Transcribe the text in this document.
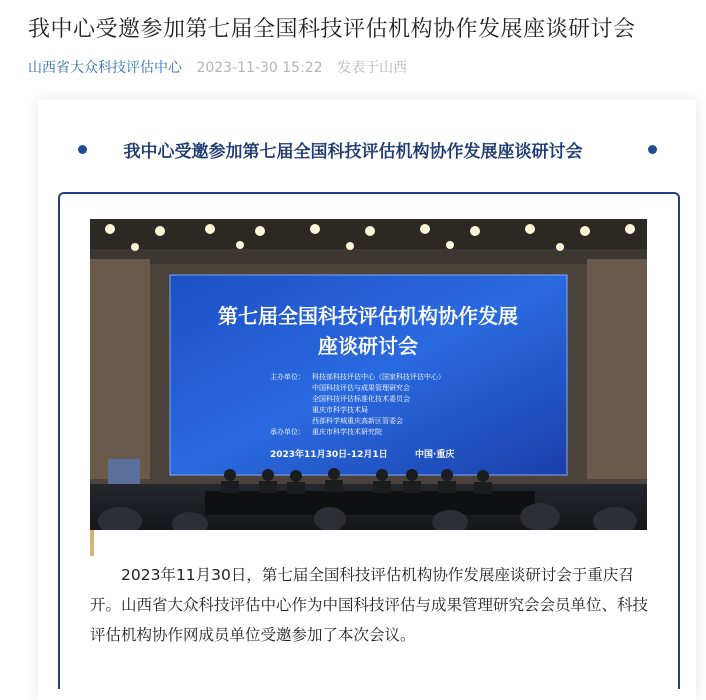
我中心受邀参加第七届全国科技评估机构协作发展座谈研讨会
山西省大众科技评估中心 2023-11-30 15:22 发表于山西
我中心受邀参加第七届全国科技评估机构协作发展座谈研讨会
第七届全国科技评估机构协作发展
座谈研讨会
主办单位： 科技部科技评估中心（国家科技评估中心）
中国科技评估与成果管理研究会
全国科技评估标准化技术委员会
重庆市科学技术局
西部科学城重庆高新区管委会
承办单位： 重庆市科学技术研究院
2023年11月30日-12月1日	中国·重庆

2023年11月30日，第七届全国科技评估机构协作发展座谈研讨会于重庆召开。山西省大众科技评估中心作为中国科技评估与成果管理研究会会员单位、科技评估机构协作网成员单位受邀参加了本次会议。
